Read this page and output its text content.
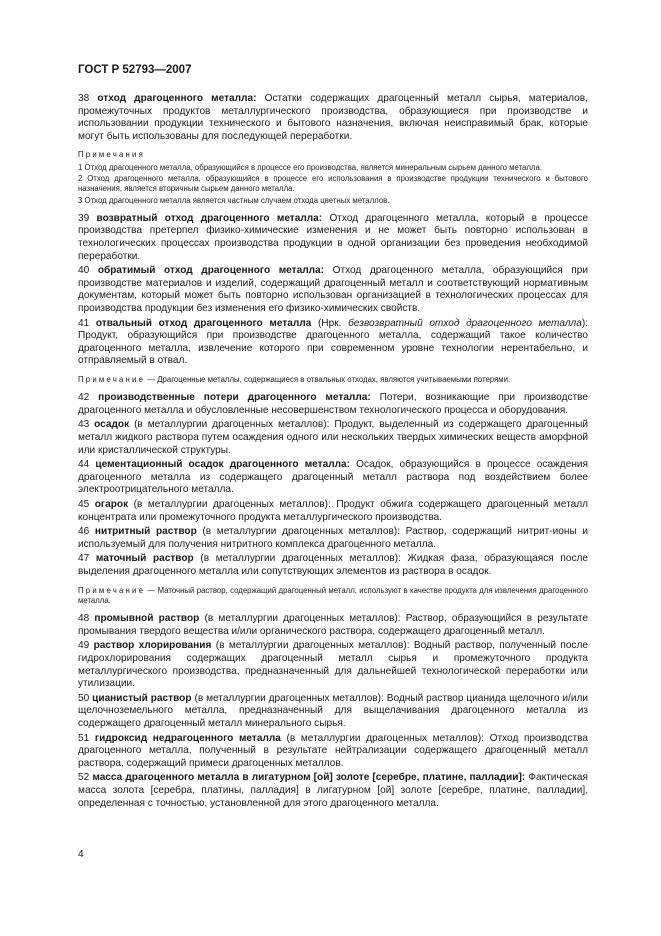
ГОСТ Р 52793—2007

38 отход драгоценного металла: Остатки содержащих драгоценный металл сырья, материалов, промежуточных продуктов металлургического производства, образующиеся при производстве и использовании продукции технического и бытового назначения, включая неисправимый брак, которые могут быть использованы для последующей переработки.

Примечания
1 Отход драгоценного металла, образующийся в процессе его производства, является минеральным сырьем данного металла.
2 Отход драгоценного металла, образующийся в процессе его использования в производстве продукции технического и бытового назначения, является вторичным сырьем данного металла.
3 Отход драгоценного металла является частным случаем отхода цветных металлов.

39 возвратный отход драгоценного металла: Отход драгоценного металла, который в процессе производства претерпел физико-химические изменения и не может быть повторно использован в технологических процессах производства продукции в одной организации без проведения необходимой переработки.

40 обратимый отход драгоценного металла: Отход драгоценного металла, образующийся при производстве материалов и изделий, содержащий драгоценный металл и соответствующий нормативным документам, который может быть повторно использован организацией в технологических процессах для производства продукции без изменения его физико-химических свойств.

41 отвальный отход драгоценного металла (Нрк. безвозвратный отход драгоценного металла): Продукт, образующийся при производстве драгоценного металла, содержащий такое количество драгоценного металла, извлечение которого при современном уровне технологии нерентабельно, и отправляемый в отвал.

Примечание — Драгоценные металлы, содержащиеся в отвальных отходах, являются учитываемыми потерями.

42 производственные потери драгоценного металла: Потери, возникающие при производстве драгоценного металла и обусловленные несовершенством технологического процесса и оборудования.

43 осадок (в металлургии драгоценных металлов): Продукт, выделенный из содержащего драгоценный металл жидкого раствора путем осаждения одного или нескольких твердых химических веществ аморфной или кристаллической структуры.

44 цементационный осадок драгоценного металла: Осадок, образующийся в процессе осаждения драгоценного металла из содержащего драгоценный металл раствора под воздействием более электроотрицательного металла.

45 огарок (в металлургии драгоценных металлов): Продукт обжига содержащего драгоценный металл концентрата или промежуточного продукта металлургического производства.

46 нитритный раствор (в металлургии драгоценных металлов): Раствор, содержащий нитрит-ионы и используемый для получения нитритного комплекса драгоценного металла.

47 маточный раствор (в металлургии драгоценных металлов): Жидкая фаза, образующаяся после выделения драгоценного металла или сопутствующих элементов из раствора в осадок.

Примечание — Маточный раствор, содержащий драгоценный металл, используют в качестве продукта для извлечения драгоценного металла.

48 промывной раствор (в металлургии драгоценных металлов): Раствор, образующийся в результате промывания твердого вещества и/или органического раствора, содержащего драгоценный металл.

49 раствор хлорирования (в металлургии драгоценных металлов): Водный раствор, полученный после гидрохлорирования содержащих драгоценный металл сырья и промежуточного продукта металлургического производства, предназначенный для дальнейшей технологической переработки или утилизации.

50 цианистый раствор (в металлургии драгоценных металлов): Водный раствор цианида щелочного и/или щелочноземельного металла, предназначенный для выщелачивания драгоценного металла из содержащего драгоценный металл минерального сырья.

51 гидроксид недрагоценного металла (в металлургии драгоценных металлов): Отход производства драгоценного металла, полученный в результате нейтрализации содержащего драгоценный металл раствора, содержащий примеси драгоценных металлов.

52 масса драгоценного металла в лигатурном [ой] золоте [серебре, платине, палладии]: Фактическая масса золота [серебра, платины, палладия] в лигатурном [ой] золоте [серебре, платине, палладии], определенная с точностью, установленной для этого драгоценного металла.

4
